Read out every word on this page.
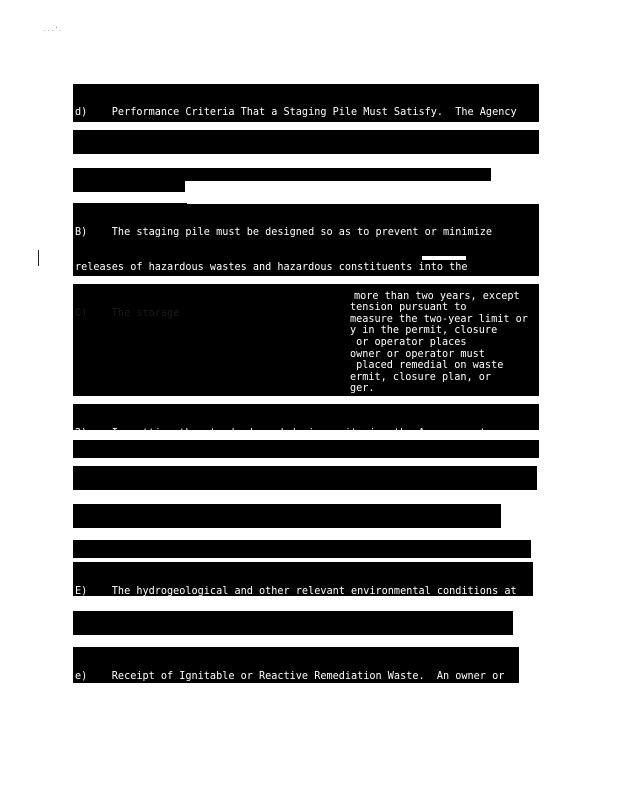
. . . ' .

d)    Performance Criteria That a Staging Pile Must Satisfy.  The Agency

B)    The staging pile must be designed so as to prevent or minimize

releases of hazardous wastes and hazardous constituents into the

C)    The storage

more than two years, except
tension pursuant to
measure the two-year limit or
y in the permit, closure
or operator places
owner or operator must
placed remedial on waste
ermit, closure plan, or
ger.

E)    The hydrogeological and other relevant environmental conditions at

e)    Receipt of Ignitable or Reactive Remediation Waste.  An owner or
